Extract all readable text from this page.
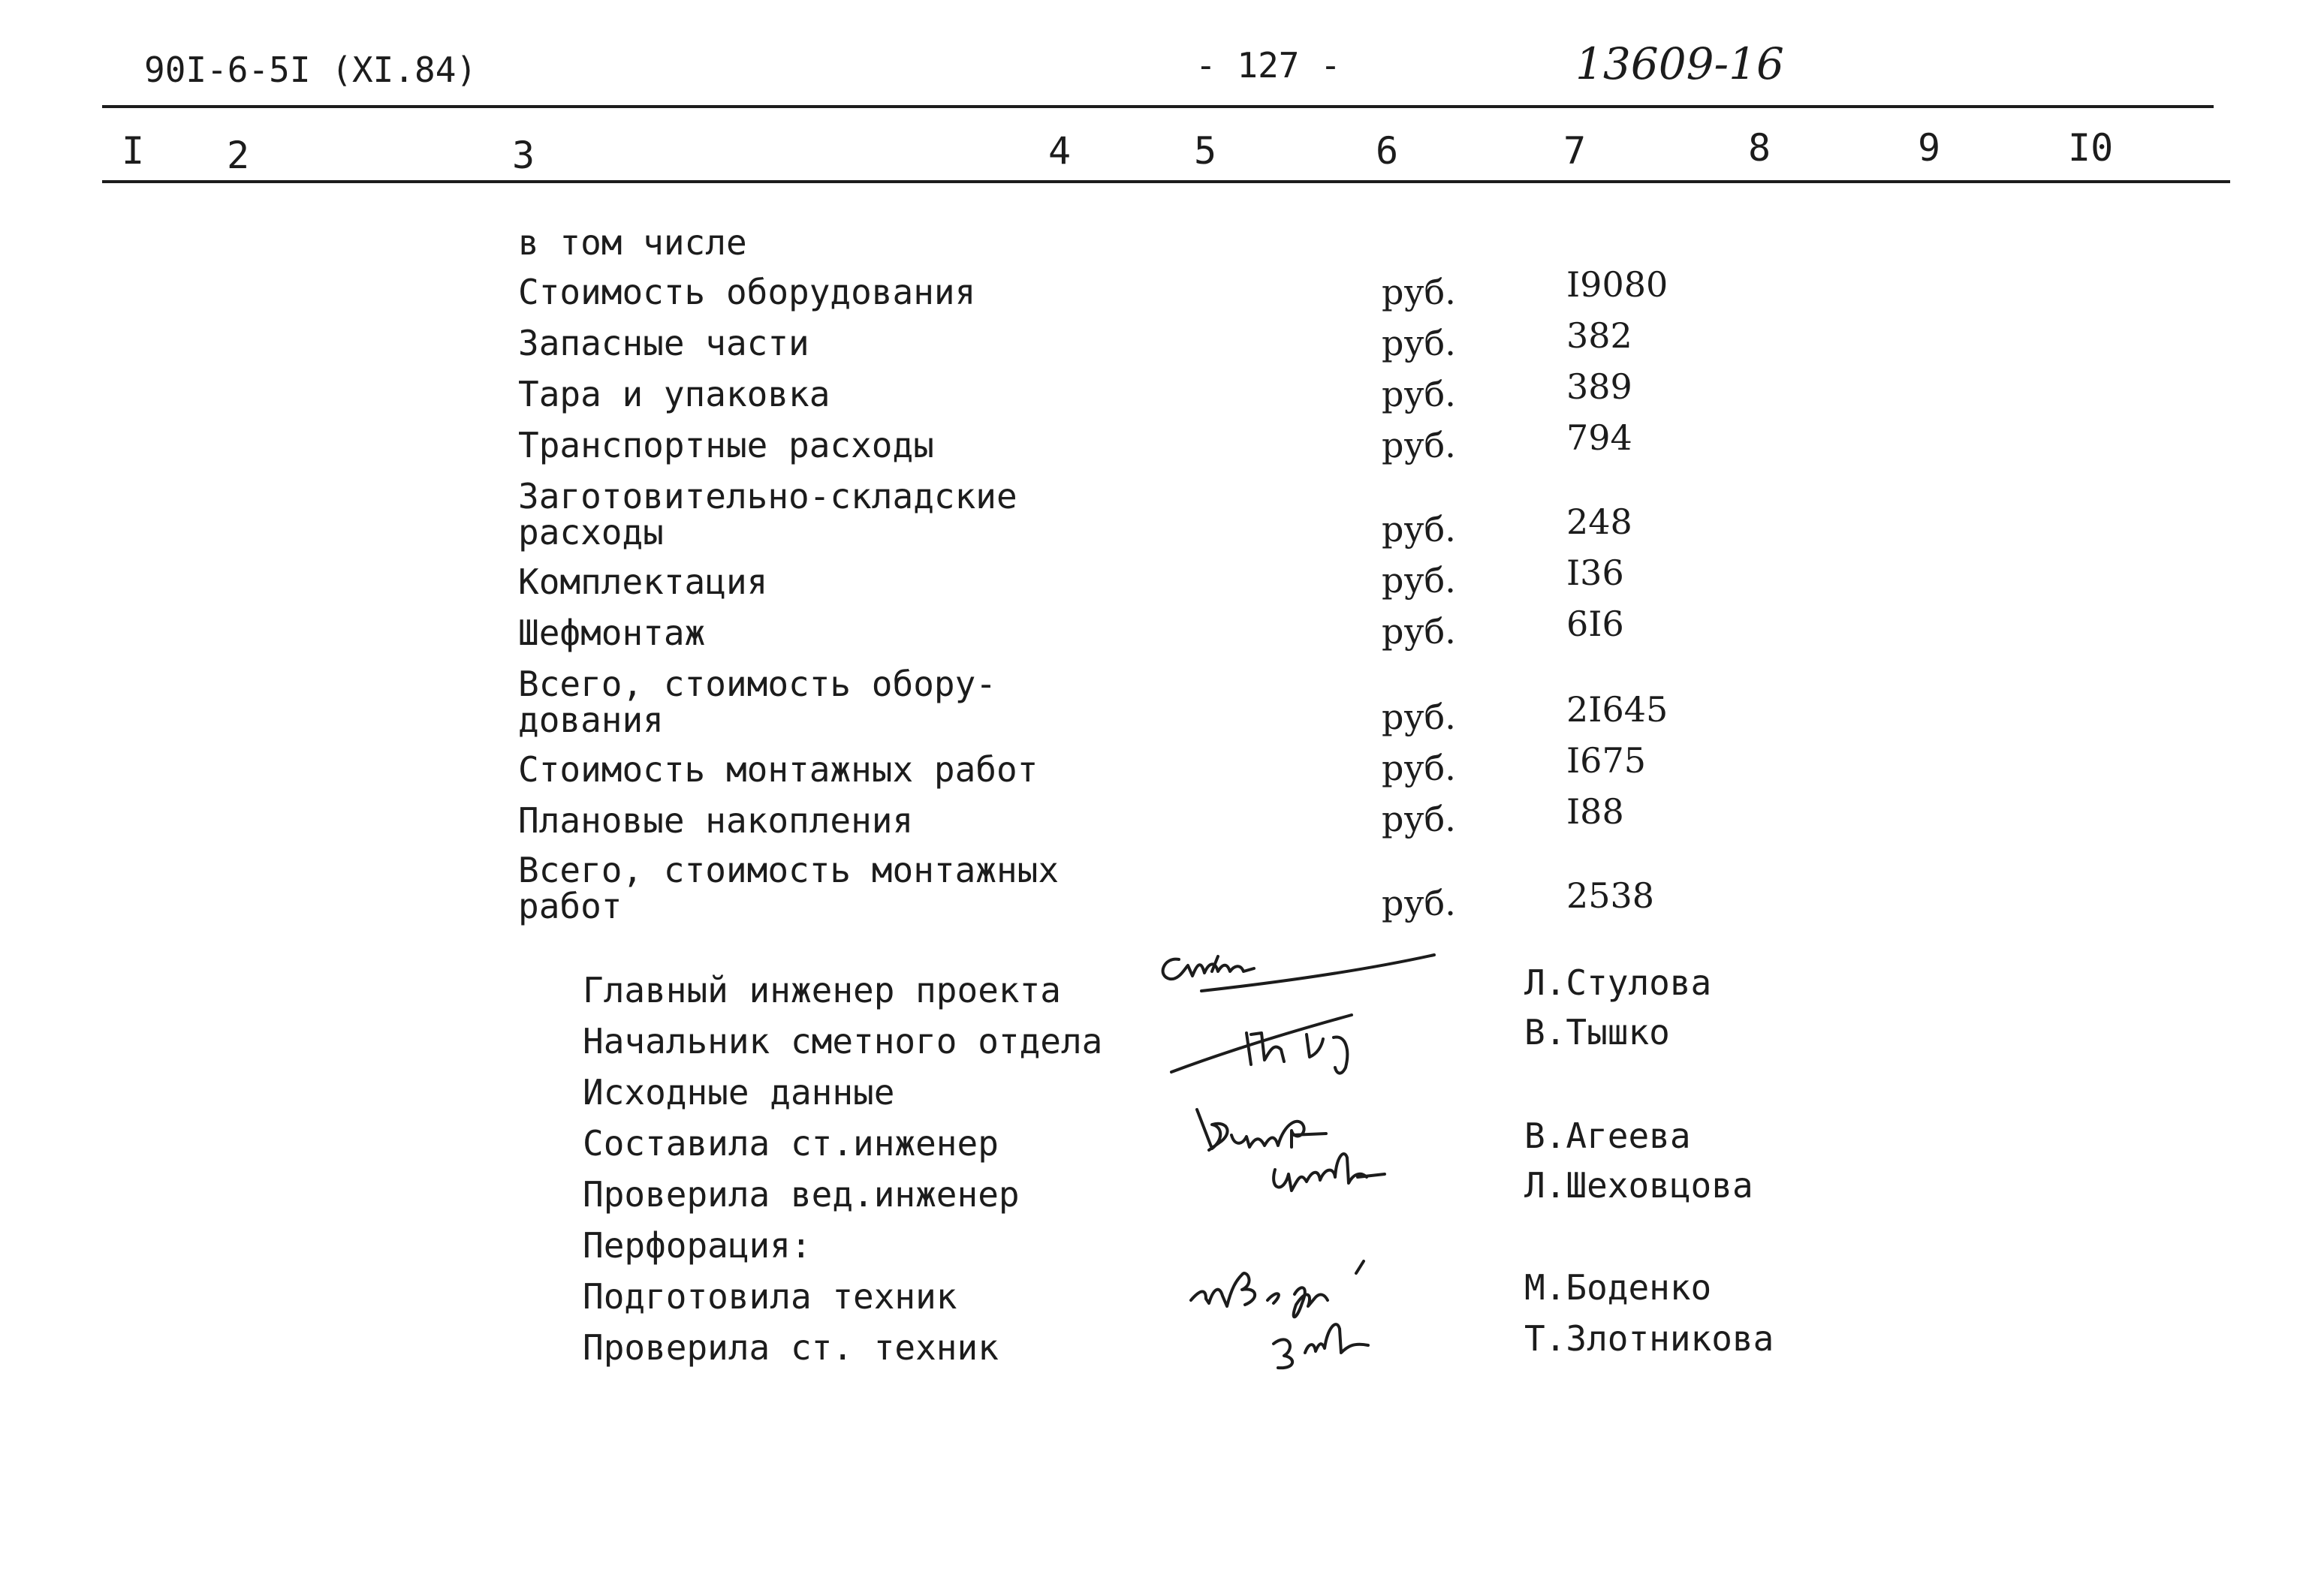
90I-6-5I (XI.84)	- 127 -	13609-16
I 2	3	4	5	6	7	8	9	I0
в том числе
Стоимость оборудования	руб.	I9080
Запасные части	руб.	382
Тара и упаковка	руб.	389
Транспортные расходы	руб.	794
Заготовительно-складские
расходы	руб.	248
Комплектация	руб.	I36
Шефмонтаж	руб.	6I6
Всего, стоимость обору-
дования	руб.	2I645
Стоимость монтажных работ	руб.	I675
Плановые накопления	руб.	I88
Всего, стоимость монтажных
работ	руб.	2538
Главный инженер проекта	Л.Стулова
Начальник сметного отдела	В.Тышко
Исходные данные
Составила ст.инженер	В.Агеева
Проверила вед.инженер	Л.Шеховцова
Перфорация:
Подготовила техник	М.Боденко
Проверила ст. техник	Т.Злотникова
